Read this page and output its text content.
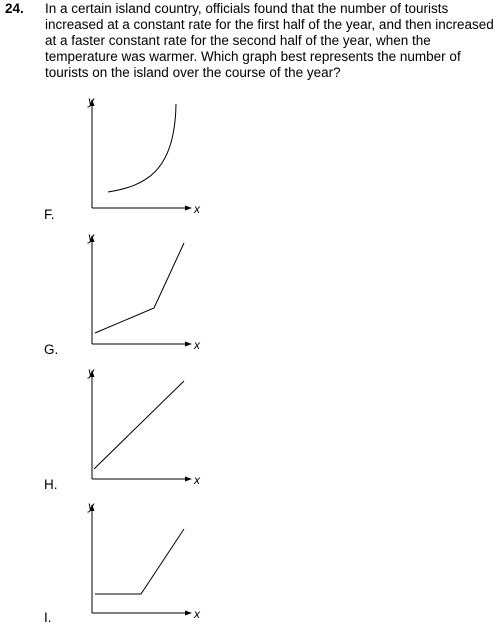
24. In a certain island country, officials found that the number of tourists increased at a constant rate for the first half of the year, and then increased at a faster constant rate for the second half of the year, when the temperature was warmer. Which graph best represents the number of tourists on the island over the course of the year?
y
x
F.
y
x
G.
y
x
H.
y
x
I.
